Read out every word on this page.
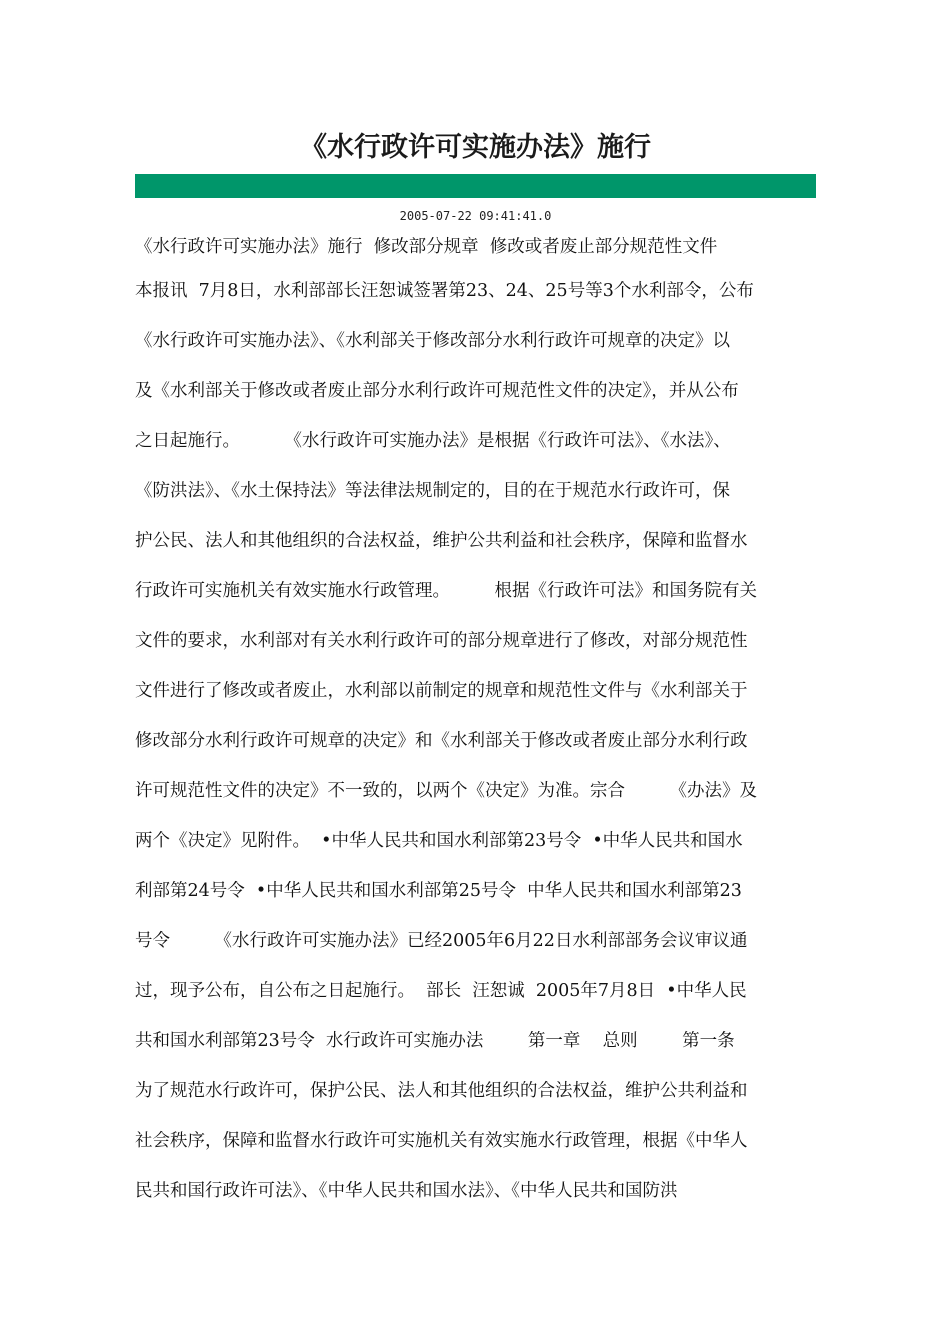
《水行政许可实施办法》施行
2005-07-22 09:41:41.0
《水行政许可实施办法》施行  修改部分规章  修改或者废止部分规范性文件
本报讯  7月8日，水利部部长汪恕诚签署第23、24、25号等3个水利部令，公布
《水行政许可实施办法》、《水利部关于修改部分水利行政许可规章的决定》以
及《水利部关于修改或者废止部分水利行政许可规范性文件的决定》，并从公布
之日起施行。        《水行政许可实施办法》是根据《行政许可法》、《水法》、
《防洪法》、《水土保持法》等法律法规制定的，目的在于规范水行政许可，保
护公民、法人和其他组织的合法权益，维护公共利益和社会秩序，保障和监督水
行政许可实施机关有效实施水行政管理。        根据《行政许可法》和国务院有关
文件的要求，水利部对有关水利行政许可的部分规章进行了修改，对部分规范性
文件进行了修改或者废止，水利部以前制定的规章和规范性文件与《水利部关于
修改部分水利行政许可规章的决定》和《水利部关于修改或者废止部分水利行政
许可规范性文件的决定》不一致的，以两个《决定》为准。宗合        《办法》及
两个《决定》见附件。  •中华人民共和国水利部第23号令  •中华人民共和国水
利部第24号令  •中华人民共和国水利部第25号令  中华人民共和国水利部第23
号令        《水行政许可实施办法》已经2005年6月22日水利部部务会议审议通
过，现予公布，自公布之日起施行。  部长  汪恕诚  2005年7月8日  •中华人民
共和国水利部第23号令  水行政许可实施办法        第一章    总则        第一条
为了规范水行政许可，保护公民、法人和其他组织的合法权益，维护公共利益和
社会秩序，保障和监督水行政许可实施机关有效实施水行政管理，根据《中华人
民共和国行政许可法》、《中华人民共和国水法》、《中华人民共和国防洪
